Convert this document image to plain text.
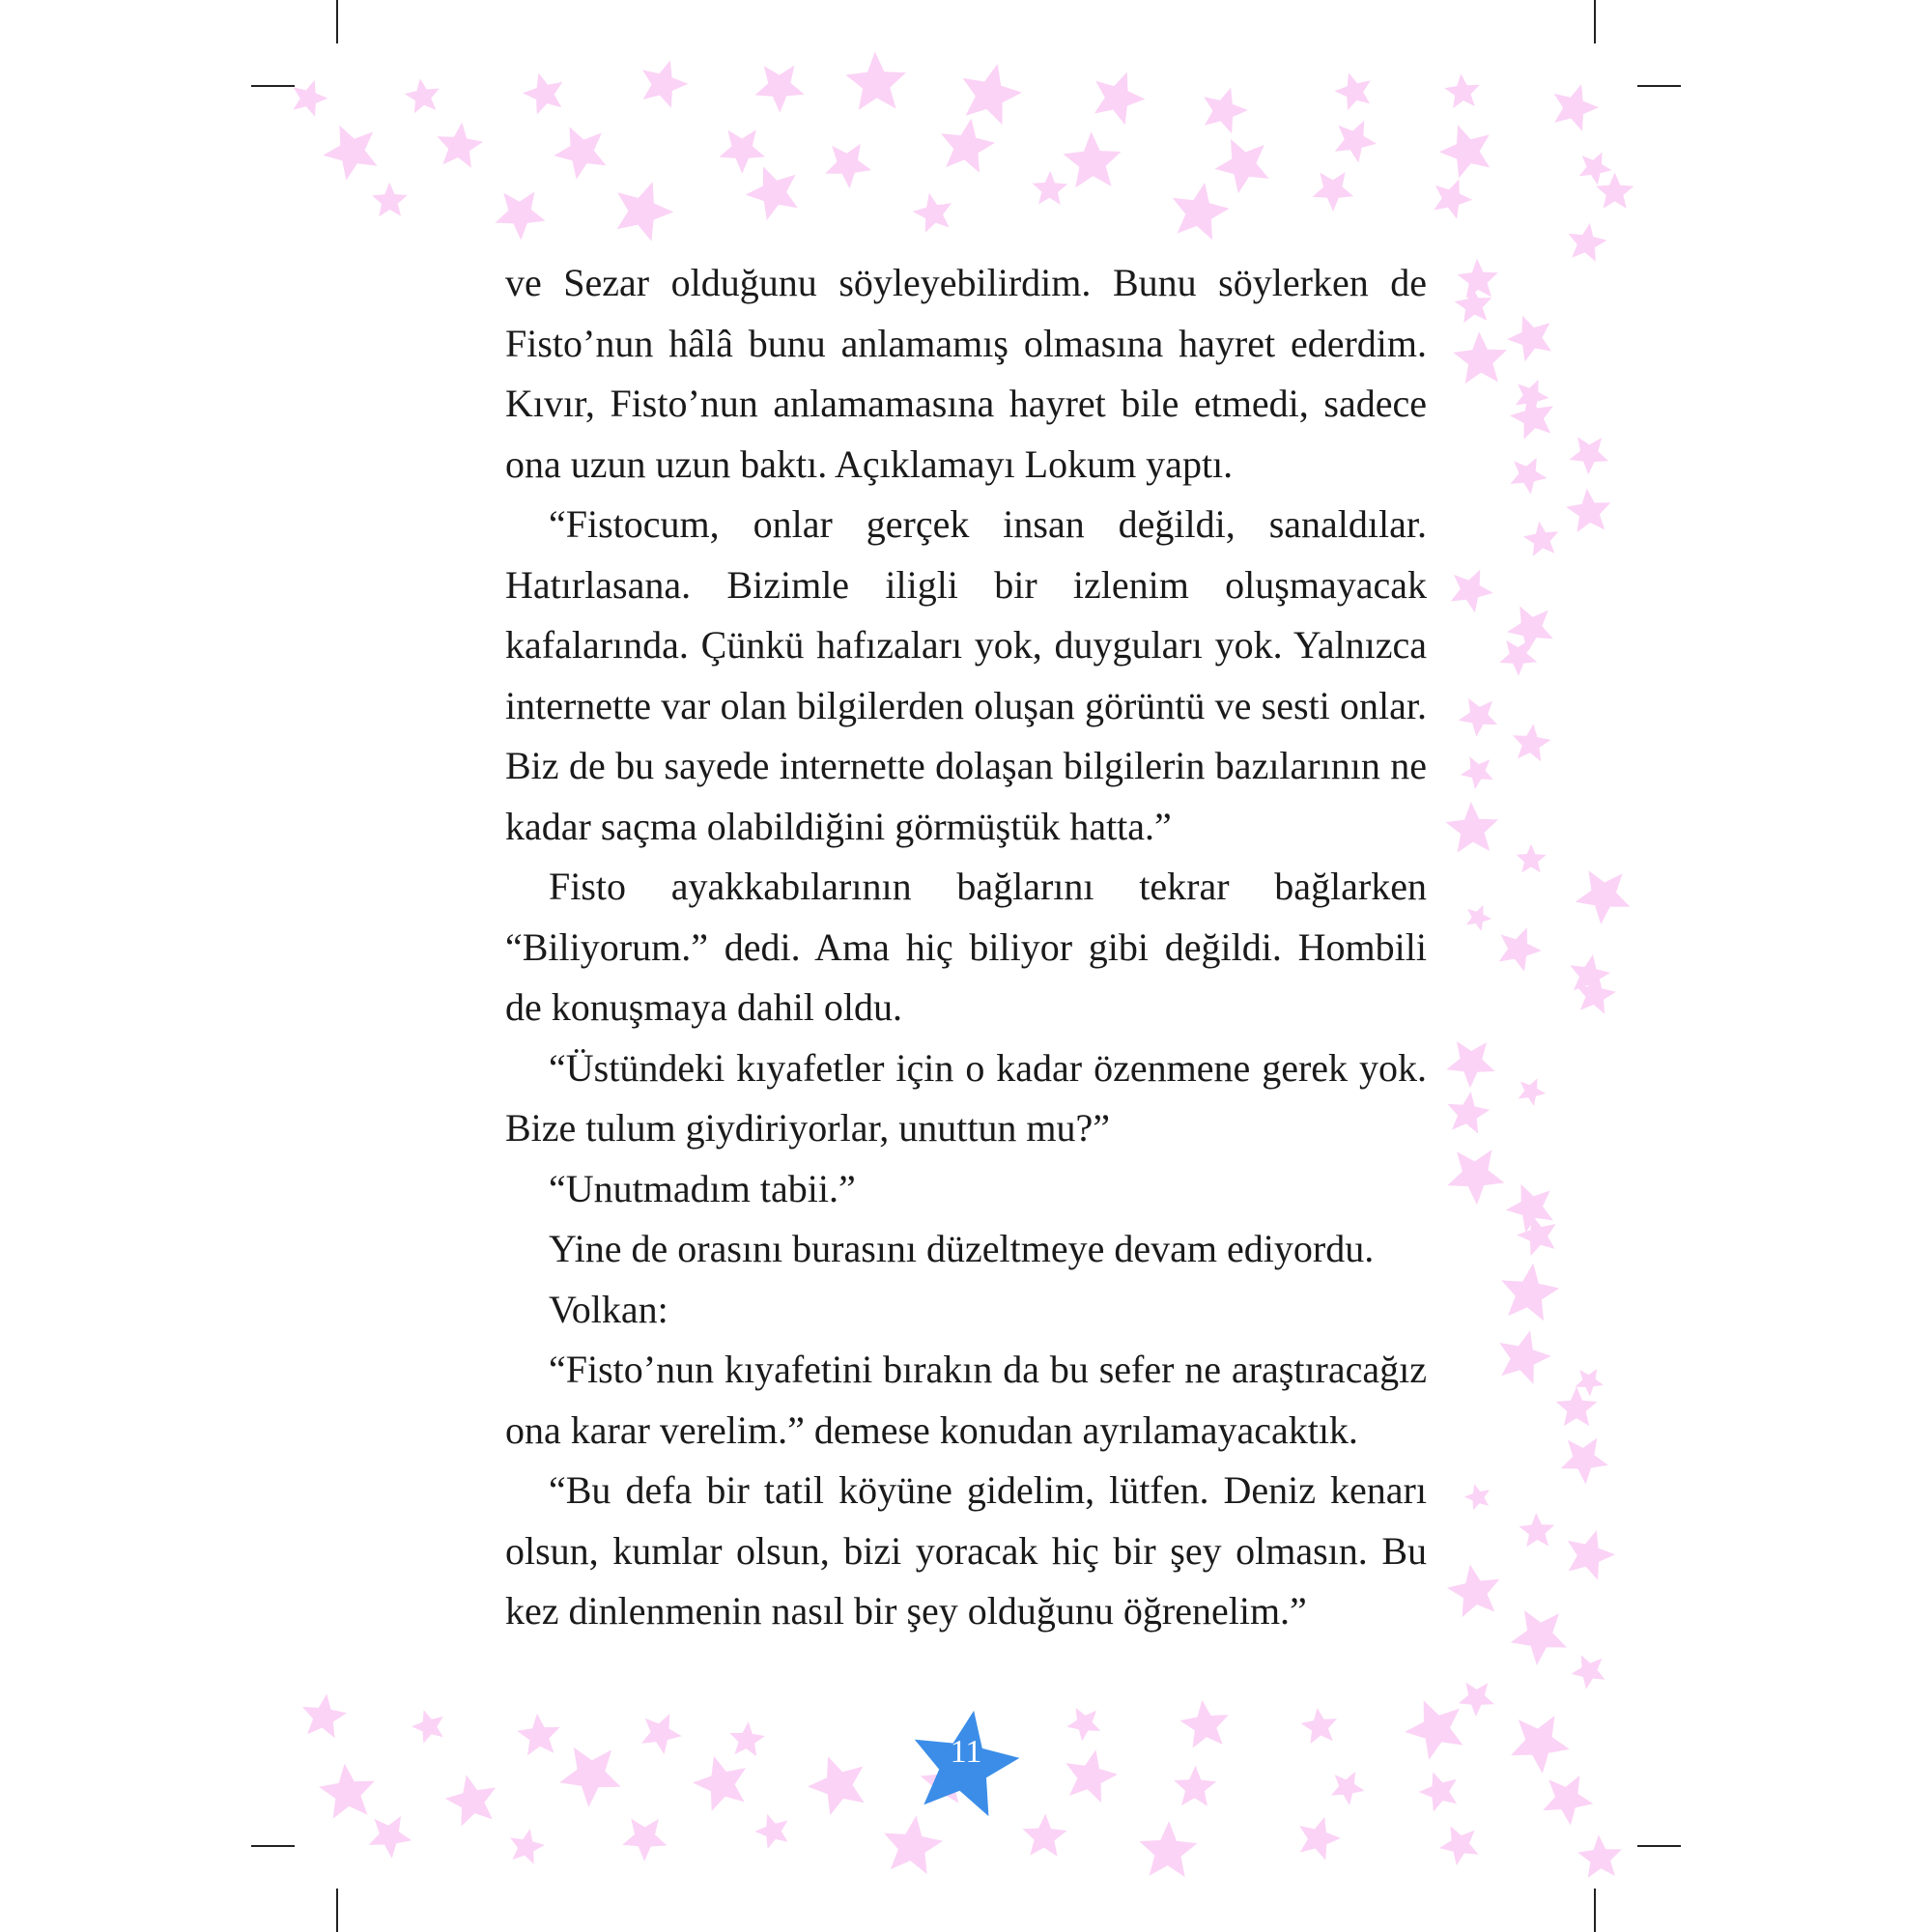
ve Sezar olduğunu söyleyebilirdim. Bunu söylerken de Fisto’nun hâlâ bunu anlamamış olmasına hayret ederdim. Kıvır, Fisto’nun anlamamasına hayret bile etmedi, sadece ona uzun uzun baktı. Açıklamayı Lokum yaptı.

“Fistocum, onlar gerçek insan değildi, sanaldılar. Hatırlasana. Bizimle iligli bir izlenim oluşmayacak kafalarında. Çünkü hafızaları yok, duyguları yok. Yalnızca internette var olan bilgilerden oluşan görüntü ve sesti onlar. Biz de bu sayede internette dolaşan bilgilerin bazılarının ne kadar saçma olabildiğini görmüştük hatta.”

Fisto ayakkabılarının bağlarını tekrar bağlarken “Biliyorum.” dedi. Ama hiç biliyor gibi değildi. Hombili de konuşmaya dahil oldu.

“Üstündeki kıyafetler için o kadar özenmene gerek yok. Bize tulum giydiriyorlar, unuttun mu?”

“Unutmadım tabii.”

Yine de orasını burasını düzeltmeye devam ediyordu.

Volkan:

“Fisto’nun kıyafetini bırakın da bu sefer ne araştıracağız ona karar verelim.” demese konudan ayrılamayacaktık.

“Bu defa bir tatil köyüne gidelim, lütfen. Deniz kenarı olsun, kumlar olsun, bizi yoracak hiç bir şey olmasın. Bu kez dinlenmenin nasıl bir şey olduğunu öğrenelim.”

11
